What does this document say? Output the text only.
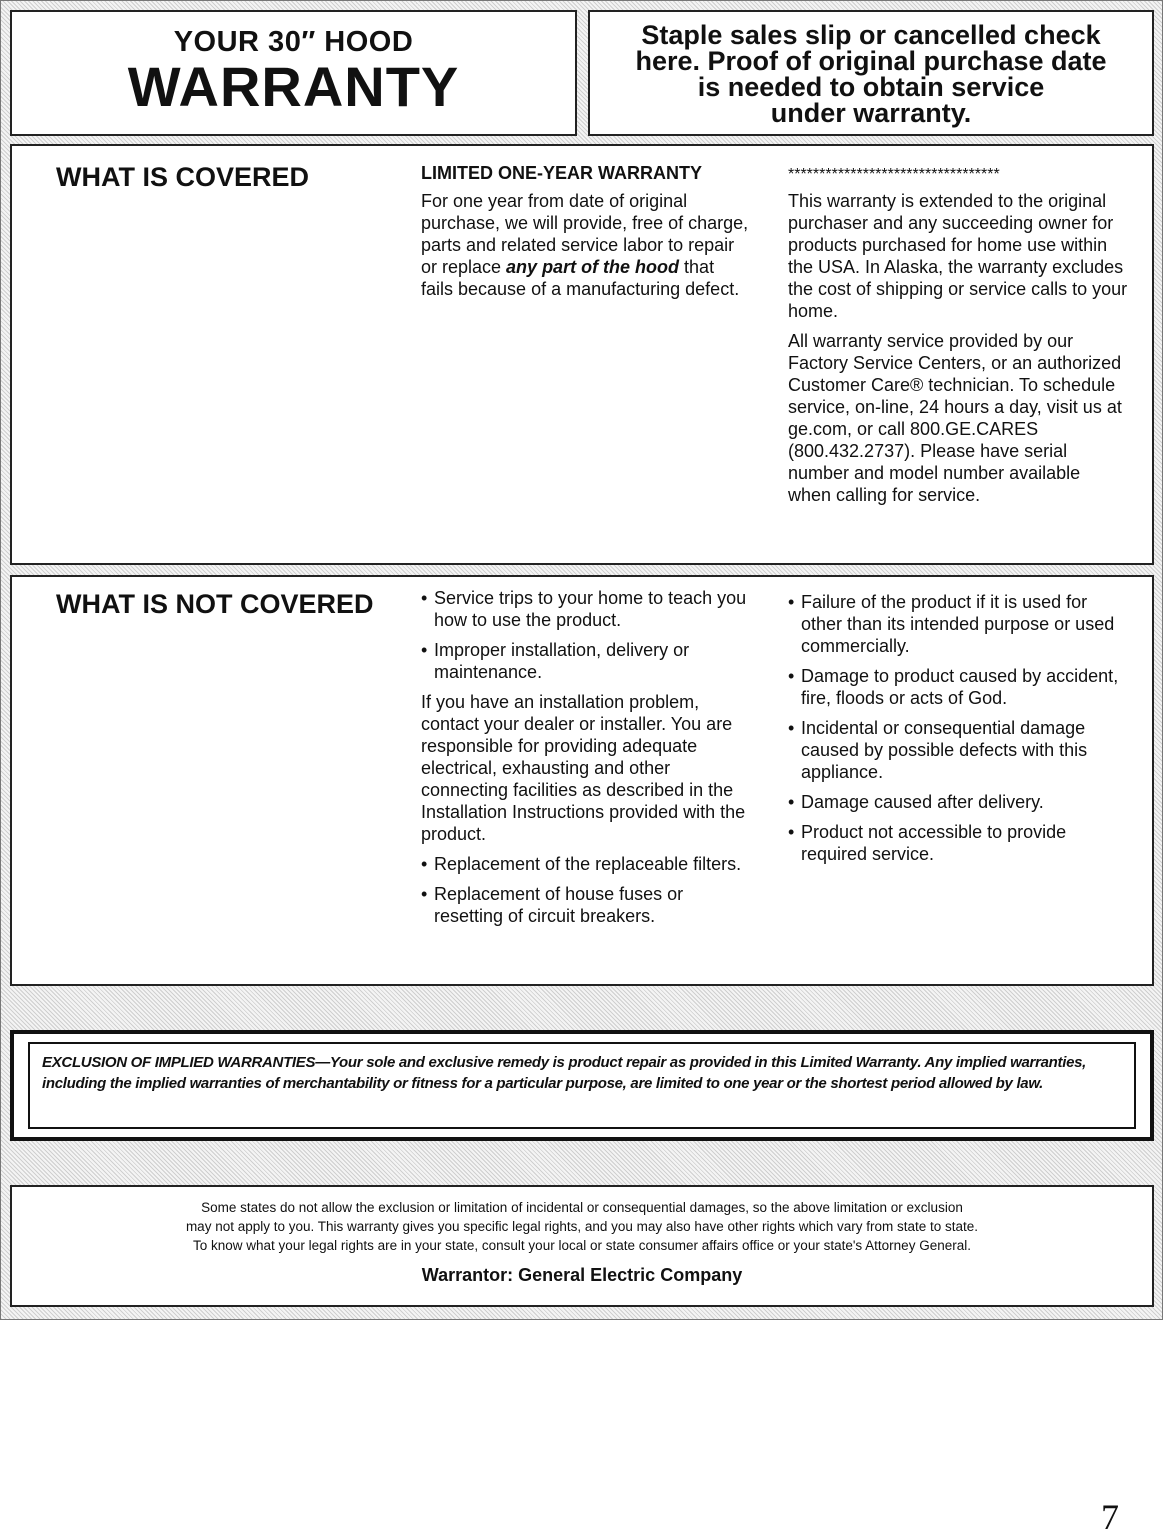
YOUR 30″ HOOD
WARRANTY
Staple sales slip or cancelled check
here. Proof of original purchase date
is needed to obtain service
under warranty.
WHAT IS COVERED	LIMITED ONE-YEAR WARRANTY

For one year from date of original purchase, we will provide, free of charge, parts and related service labor to repair or replace any part of the hood that fails because of a manufacturing defect.

**********************************

This warranty is extended to the original purchaser and any succeeding owner for products purchased for home use within the USA. In Alaska, the warranty excludes the cost of shipping or service calls to your home.

All warranty service provided by our Factory Service Centers, or an authorized Customer Care® technician. To schedule service, on-line, 24 hours a day, visit us at ge.com, or call 800.GE.CARES (800.432.2737). Please have serial number and model number available when calling for service.

WHAT IS NOT COVERED
•	Service trips to your home to teach you how to use the product.
• Improper installation, delivery or maintenance.

If you have an installation problem, contact your dealer or installer. You are responsible for providing adequate electrical, exhausting and other connecting facilities as described in the Installation Instructions provided with the product.

• Replacement of the replaceable filters.
• Replacement of house fuses or resetting of circuit breakers.
• Failure of the product if it is used for other than its intended purpose or used commercially.
• Damage to product caused by accident, fire, floods or acts of God.
• Incidental or consequential damage caused by possible defects with this appliance.
• Damage caused after delivery.
• Product not accessible to provide required service.
EXCLUSION OF IMPLIED WARRANTIES—Your sole and exclusive remedy is product repair as provided in this Limited Warranty. Any implied warranties, including the implied warranties of merchantability or fitness for a particular purpose, are limited to one year or the shortest period allowed by law.
Some states do not allow the exclusion or limitation of incidental or consequential damages, so the above limitation or exclusion
may not apply to you. This warranty gives you specific legal rights, and you may also have other rights which vary from state to state.
To know what your legal rights are in your state, consult your local or state consumer affairs office or your state's Attorney General.
Warrantor: General Electric Company
7
